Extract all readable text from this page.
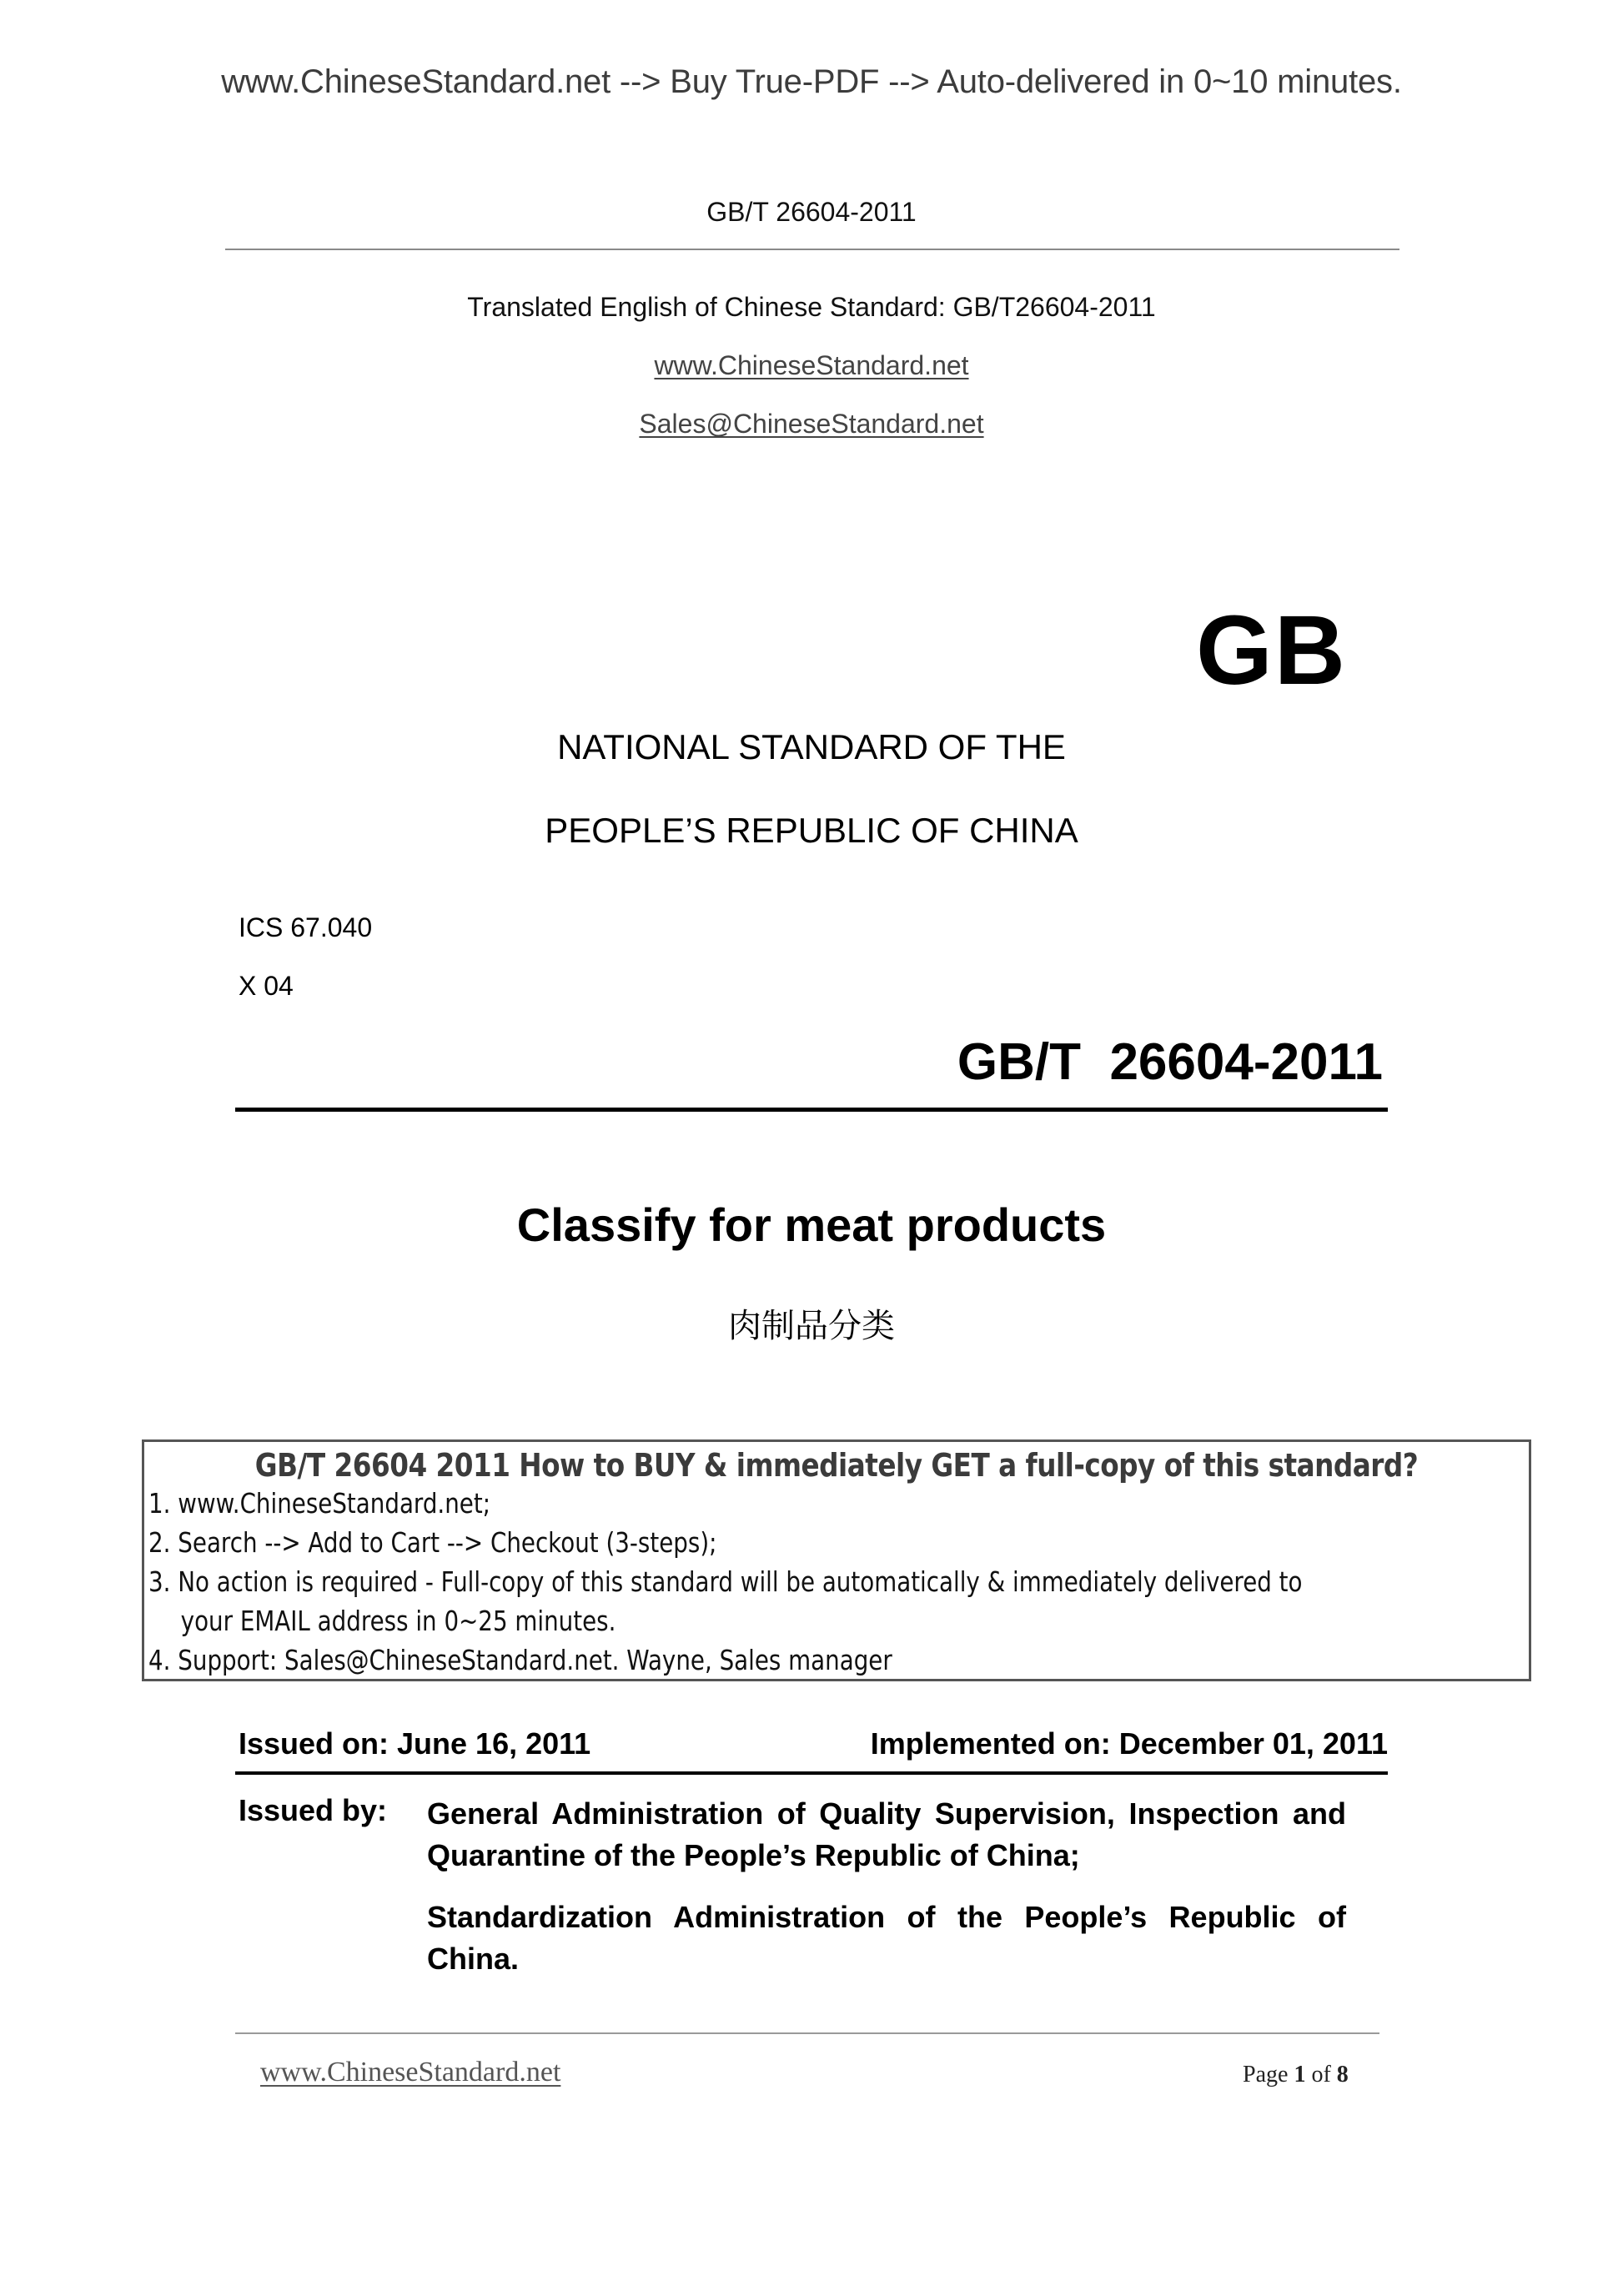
www.ChineseStandard.net --> Buy True-PDF --> Auto-delivered in 0~10 minutes.
GB/T 26604-2011
Translated English of Chinese Standard: GB/T26604-2011
www.ChineseStandard.net
Sales@ChineseStandard.net
GB
NATIONAL STANDARD OF THE
PEOPLE’S REPUBLIC OF CHINA
ICS 67.040
X 04
GB/T  26604-2011
Classify for meat products
肉制品分类
GB/T 26604 2011 How to BUY & immediately GET a full-copy of this standard?
1. www.ChineseStandard.net;
2. Search --> Add to Cart --> Checkout (3-steps);
3. No action is required - Full-copy of this standard will be automatically & immediately delivered to
your EMAIL address in 0~25 minutes.
4. Support: Sales@ChineseStandard.net. Wayne, Sales manager
Issued on: June 16, 2011	Implemented on: December 01, 2011
Issued by: General Administration of Quality Supervision, Inspection and Quarantine of the People’s Republic of China;
Standardization Administration of the People’s Republic of China.
www.ChineseStandard.net	Page 1 of 8
